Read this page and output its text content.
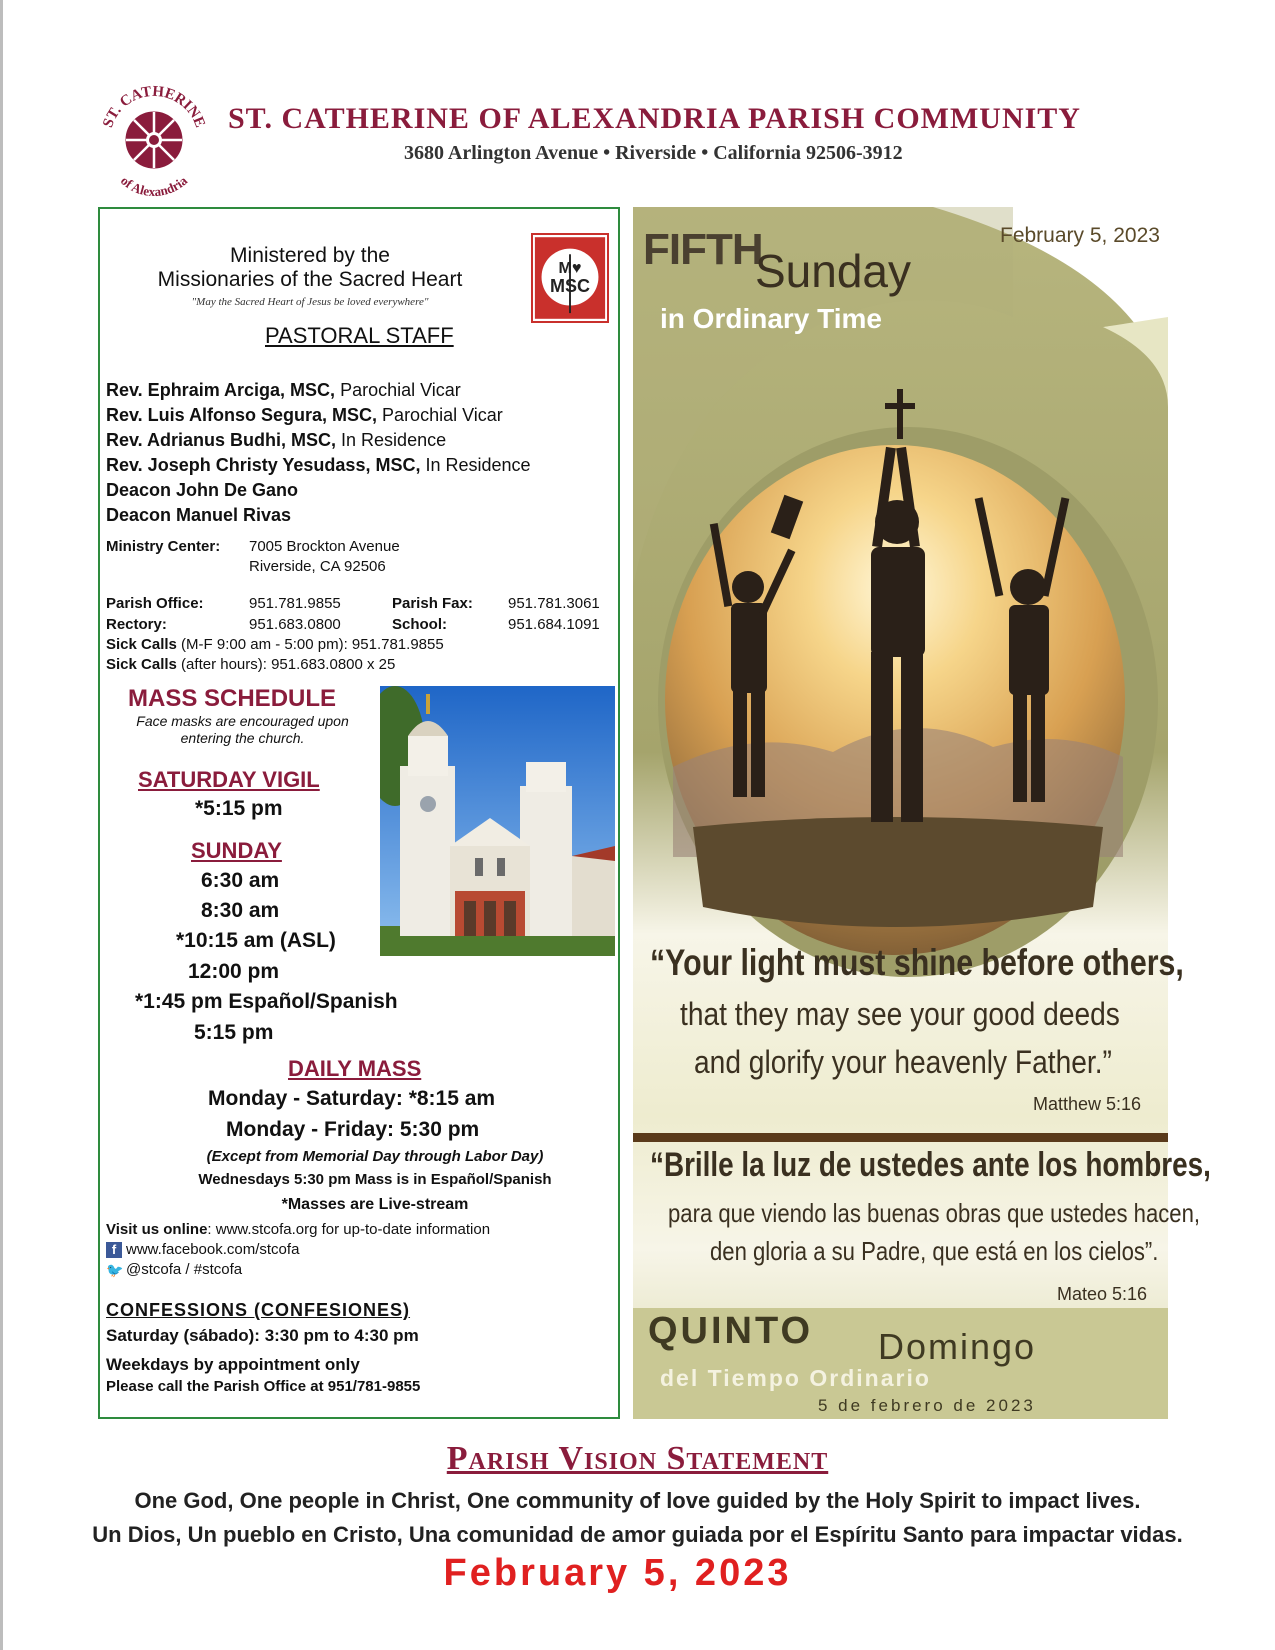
ST. CATHERINE
of Alexandria
ST. CATHERINE OF ALEXANDRIA PARISH COMMUNITY
3680 Arlington Avenue • Riverside • California 92506-3912
Ministered by the
Missionaries of the Sacred Heart
"May the Sacred Heart of Jesus be loved everywhere"
M♥
MSC
PASTORAL STAFF
Rev. Ephraim Arciga, MSC, Parochial Vicar
Rev. Luis Alfonso Segura, MSC, Parochial Vicar
Rev. Adrianus Budhi, MSC, In Residence
Rev. Joseph Christy Yesudass, MSC, In Residence
Deacon John De Gano
Deacon Manuel Rivas
Ministry Center: 7005 Brockton Avenue
Riverside, CA 92506
Parish Office:	951.781.9855	Parish Fax: 951.781.3061
Rectory:	951.683.0800	School:	951.684.1091
Sick Calls (M-F 9:00 am - 5:00 pm): 951.781.9855
Sick Calls (after hours): 951.683.0800 x 25
MASS SCHEDULE
Face masks are encouraged upon entering the church.
SATURDAY VIGIL
*5:15 pm
SUNDAY
6:30 am
8:30 am
*10:15 am (ASL)
12:00 pm
*1:45 pm Español/Spanish
5:15 pm
DAILY MASS
Monday - Saturday: *8:15 am
Monday - Friday: 5:30 pm
(Except from Memorial Day through Labor Day)
Wednesdays 5:30 pm Mass is in Español/Spanish
*Masses are Live-stream
Visit us online: www.stcofa.org for up-to-date information
f www.facebook.com/stcofa
🐦 @stcofa / #stcofa
CONFESSIONS (CONFESIONES)
Saturday (sábado): 3:30 pm to 4:30 pm
Weekdays by appointment only
Please call the Parish Office at 951/781-9855
FIFTH
Sunday
in Ordinary Time
February 5, 2023
“Your light must shine before others,
that they may see your good deeds
and glorify your heavenly Father.”
Matthew 5:16
“Brille la luz de ustedes ante los hombres,
para que viendo las buenas obras que ustedes hacen,
den gloria a su Padre, que está en los cielos”.
Mateo 5:16
QUINTO Domingo
del Tiempo Ordinario
5 de febrero de 2023
Parish Vision Statement
One God, One people in Christ, One community of love guided by the Holy Spirit to impact lives.
Un Dios, Un pueblo en Cristo, Una comunidad de amor guiada por el Espíritu Santo para impactar vidas.
February 5, 2023
